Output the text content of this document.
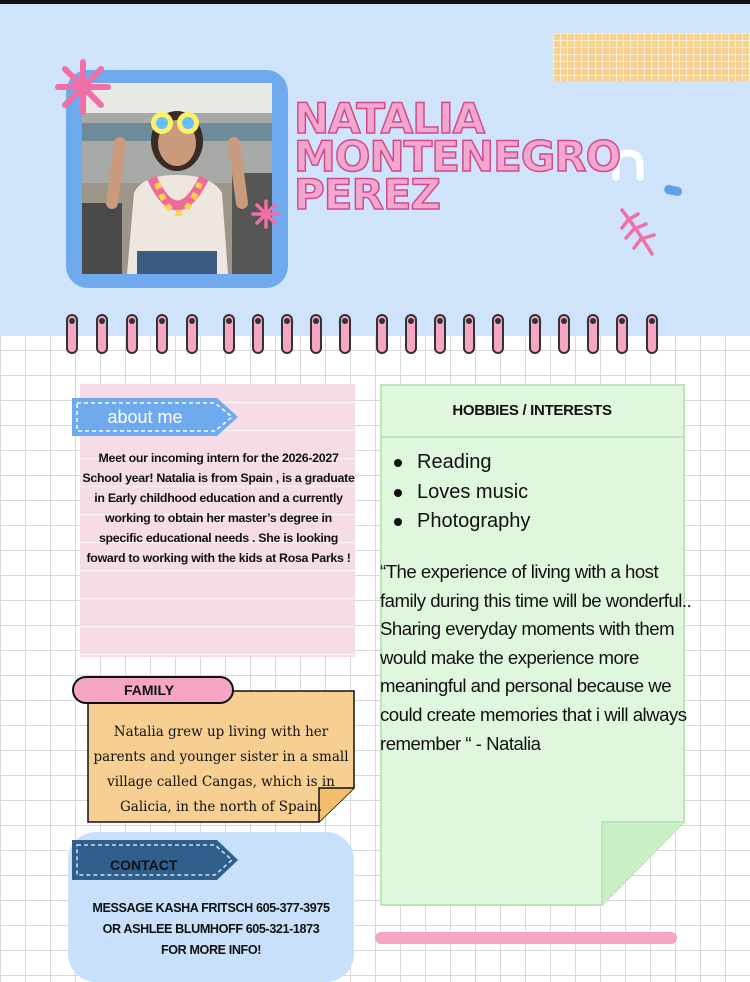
NATALIA
MONTENEGRO
PEREZ
about me

Meet our incoming intern for the 2026-2027 School year! Natalia is from Spain , is a graduate in Early childhood education and a currently working to obtain her master’s degree in specific educational needs . She is looking foward to working with the kids at Rosa Parks !

FAMILY

Natalia grew up living with her parents and younger sister in a small village called Cangas, which is in Galicia, in the north of Spain.

CONTACT

MESSAGE KASHA FRITSCH 605-377-3975
OR ASHLEE BLUMHOFF 605-321-1873
FOR MORE INFO!

HOBBIES / INTERESTS
Reading
Loves music
Photography

“The experience of living with a host family during this time will be wonderful.. Sharing everyday moments with them would make the experience more meaningful and personal because we could create memories that i will always remember “ - Natalia
